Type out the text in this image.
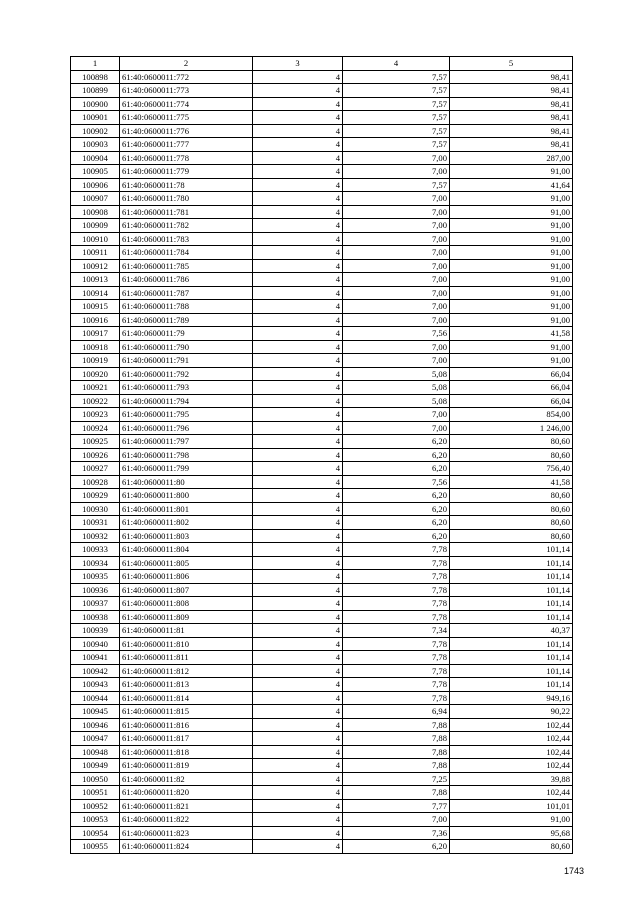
1	2	3	4	5
100898	61:40:0600011:772	4	7,57	98,41
100899	61:40:0600011:773	4	7,57	98,41
100900	61:40:0600011:774	4	7,57	98,41
100901	61:40:0600011:775	4	7,57	98,41
100902	61:40:0600011:776	4	7,57	98,41
100903	61:40:0600011:777	4	7,57	98,41
100904	61:40:0600011:778	4	7,00	287,00
100905	61:40:0600011:779	4	7,00	91,00
100906	61:40:0600011:78	4	7,57	41,64
100907	61:40:0600011:780	4	7,00	91,00
100908	61:40:0600011:781	4	7,00	91,00
100909	61:40:0600011:782	4	7,00	91,00
100910	61:40:0600011:783	4	7,00	91,00
100911	61:40:0600011:784	4	7,00	91,00
100912	61:40:0600011:785	4	7,00	91,00
100913	61:40:0600011:786	4	7,00	91,00
100914	61:40:0600011:787	4	7,00	91,00
100915	61:40:0600011:788	4	7,00	91,00
100916	61:40:0600011:789	4	7,00	91,00
100917	61:40:0600011:79	4	7,56	41,58
100918	61:40:0600011:790	4	7,00	91,00
100919	61:40:0600011:791	4	7,00	91,00
100920	61:40:0600011:792	4	5,08	66,04
100921	61:40:0600011:793	4	5,08	66,04
100922	61:40:0600011:794	4	5,08	66,04
100923	61:40:0600011:795	4	7,00	854,00
100924	61:40:0600011:796	4	7,00	1 246,00
100925	61:40:0600011:797	4	6,20	80,60
100926	61:40:0600011:798	4	6,20	80,60
100927	61:40:0600011:799	4	6,20	756,40
100928	61:40:0600011:80	4	7,56	41,58
100929	61:40:0600011:800	4	6,20	80,60
100930	61:40:0600011:801	4	6,20	80,60
100931	61:40:0600011:802	4	6,20	80,60
100932	61:40:0600011:803	4	6,20	80,60
100933	61:40:0600011:804	4	7,78	101,14
100934	61:40:0600011:805	4	7,78	101,14
100935	61:40:0600011:806	4	7,78	101,14
100936	61:40:0600011:807	4	7,78	101,14
100937	61:40:0600011:808	4	7,78	101,14
100938	61:40:0600011:809	4	7,78	101,14
100939	61:40:0600011:81	4	7,34	40,37
100940	61:40:0600011:810	4	7,78	101,14
100941	61:40:0600011:811	4	7,78	101,14
100942	61:40:0600011:812	4	7,78	101,14
100943	61:40:0600011:813	4	7,78	101,14
100944	61:40:0600011:814	4	7,78	949,16
100945	61:40:0600011:815	4	6,94	90,22
100946	61:40:0600011:816	4	7,88	102,44
100947	61:40:0600011:817	4	7,88	102,44
100948	61:40:0600011:818	4	7,88	102,44
100949	61:40:0600011:819	4	7,88	102,44
100950	61:40:0600011:82	4	7,25	39,88
100951	61:40:0600011:820	4	7,88	102,44
100952	61:40:0600011:821	4	7,77	101,01
100953	61:40:0600011:822	4	7,00	91,00
100954	61:40:0600011:823	4	7,36	95,68
100955	61:40:0600011:824	4	6,20	80,60
1743
